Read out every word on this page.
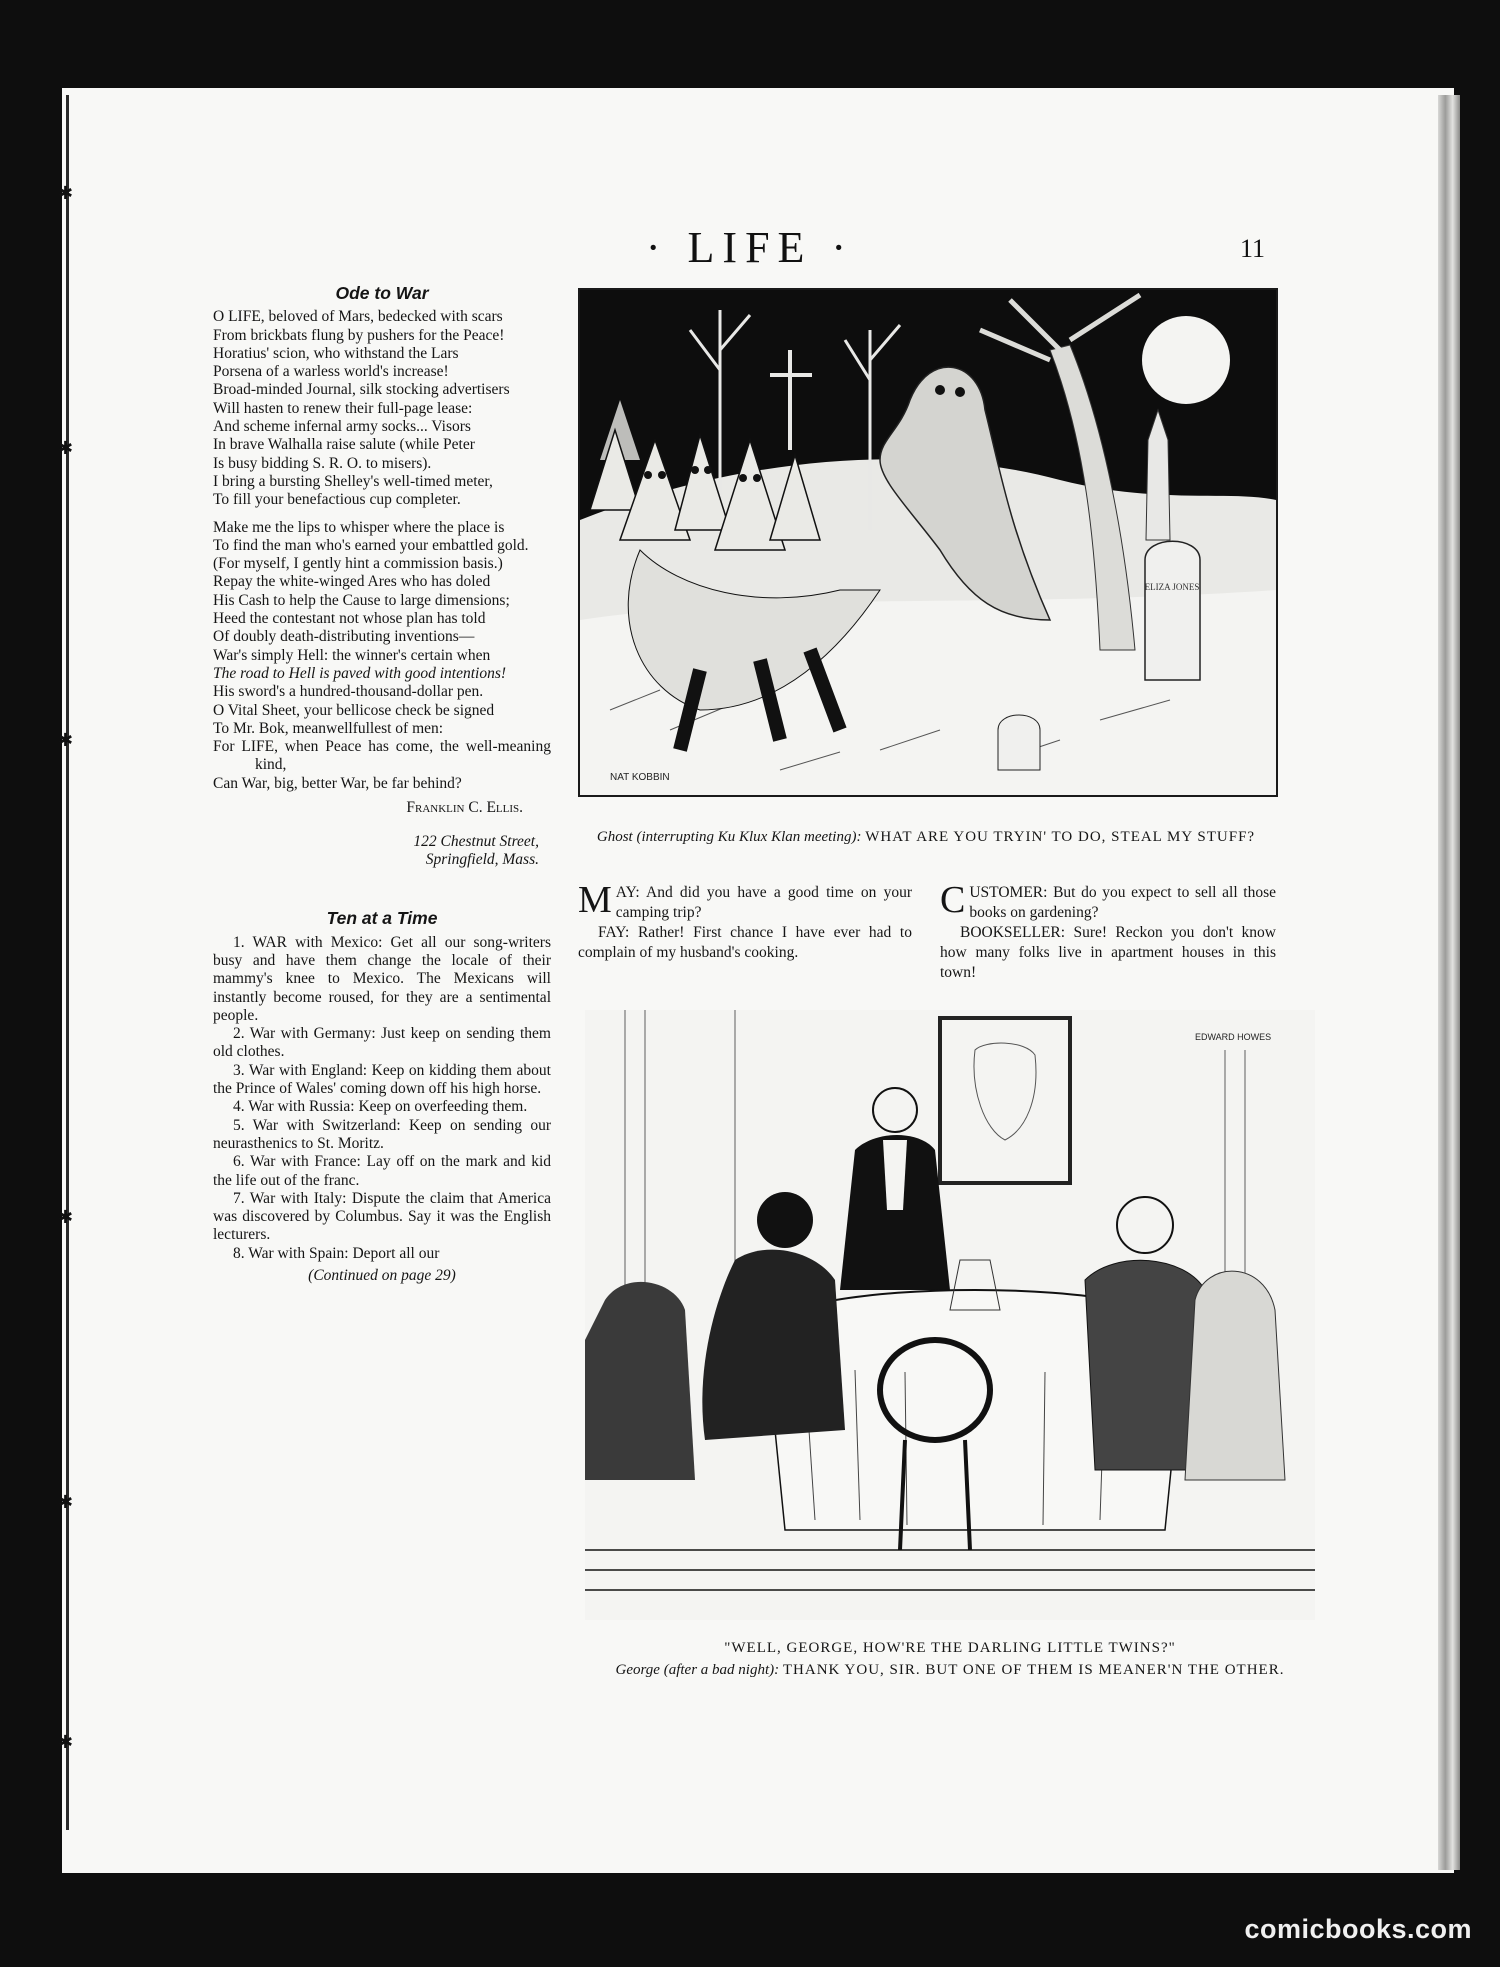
✱
✱
✱
✱
✱
✱
· LIFE ·	11

Ode to War

O LIFE, beloved of Mars, bedecked with scars

From brickbats flung by pushers for the Peace!

Horatius' scion, who withstand the Lars

Porsena of a warless world's increase!

Broad-minded Journal, silk stocking advertisers

Will hasten to renew their full-page lease:

And scheme infernal army socks... Visors

In brave Walhalla raise salute (while Peter

Is busy bidding S. R. O. to misers).

I bring a bursting Shelley's well-timed meter,

To fill your benefactious cup completer.

Make me the lips to whisper where the place is

To find the man who's earned your embattled gold.

(For myself, I gently hint a commission basis.)

Repay the white-winged Ares who has doled

His Cash to help the Cause to large dimensions;

Heed the contestant not whose plan has told

Of doubly death-distributing inventions—

War's simply Hell: the winner's certain when

The road to Hell is paved with good intentions!

His sword's a hundred-thousand-dollar pen.

O Vital Sheet, your bellicose check be signed

To Mr. Bok, meanwellfullest of men:

For LIFE, when Peace has come, the well-meaning kind,

Can War, big, better War, be far behind?

Franklin C. Ellis.

122 Chestnut Street,

Springfield, Mass.

Ten at a Time

1. WAR with Mexico: Get all our song-writers busy and have them change the locale of their mammy's knee to Mexico. The Mexicans will instantly become roused, for they are a sentimental people.

2. War with Germany: Just keep on sending them old clothes.

3. War with England: Keep on kidding them about the Prince of Wales' coming down off his high horse.

4. War with Russia: Keep on overfeeding them.

5. War with Switzerland: Keep on sending our neurasthenics to St. Moritz.

6. War with France: Lay off on the mark and kid the life out of the franc.

7. War with Italy: Dispute the claim that America was discovered by Columbus. Say it was the English lecturers.

8. War with Spain: Deport all our

(Continued on page 29)

ELIZA JONES
NAT KOBBIN
Ghost (interrupting Ku Klux Klan meeting): WHAT ARE YOU TRYIN' TO DO, STEAL MY STUFF?

MAY: And did you have a good time on your camping trip?

FAY: Rather! First chance I have ever had to complain of my husband's cooking.

CUSTOMER: But do you expect to sell all those books on gardening?

BOOKSELLER: Sure! Reckon you don't know how many folks live in apartment houses in this town!

EDWARD HOWES
"WELL, GEORGE, HOW'RE THE DARLING LITTLE TWINS?"
George (after a bad night): THANK YOU, SIR. BUT ONE OF THEM IS MEANER'N THE OTHER.
comicbooks.com
